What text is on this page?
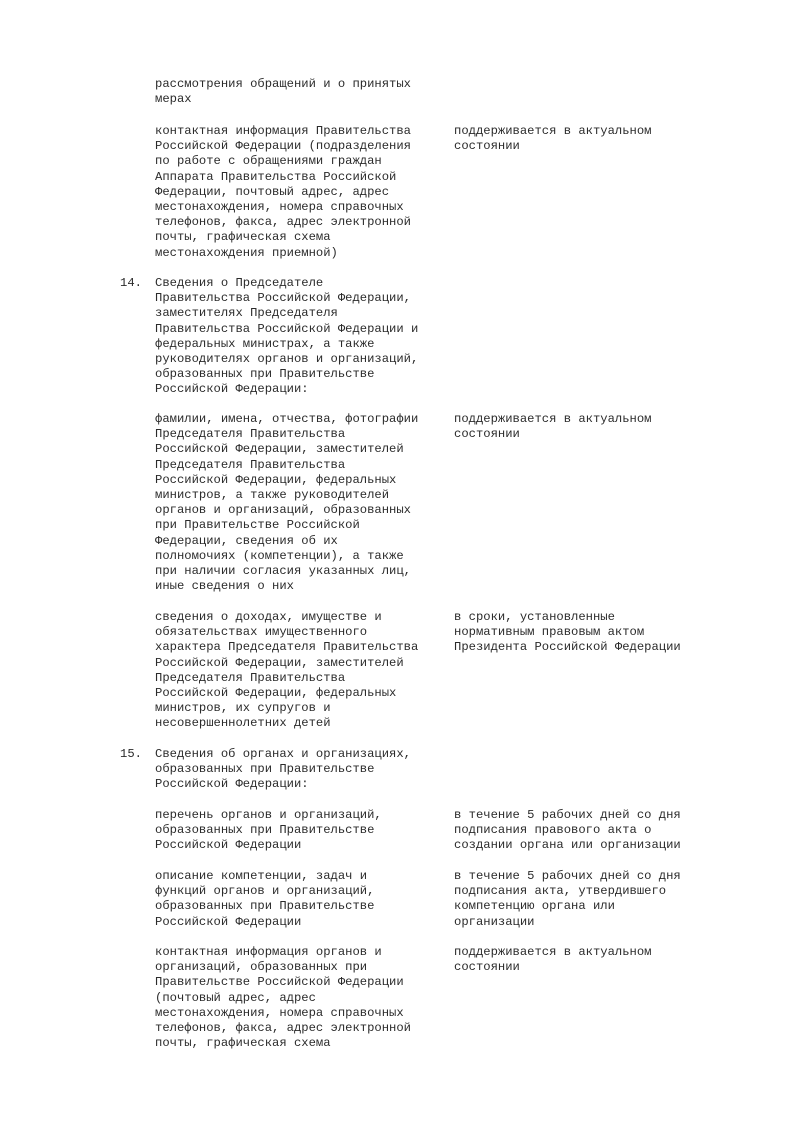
рассмотрения обращений и о принятых
мерах
контактная информация Правительства
Российской Федерации (подразделения
по работе с обращениями граждан
Аппарата Правительства Российской
Федерации, почтовый адрес, адрес
местонахождения, номера справочных
телефонов, факса, адрес электронной
почты, графическая схема
местонахождения приемной)
поддерживается в актуальном
состоянии
14. Сведения о Председателе
Правительства Российской Федерации,
заместителях Председателя
Правительства Российской Федерации и
федеральных министрах, а также
руководителях органов и организаций,
образованных при Правительстве
Российской Федерации:
фамилии, имена, отчества, фотографии
Председателя Правительства
Российской Федерации, заместителей
Председателя Правительства
Российской Федерации, федеральных
министров, а также руководителей
органов и организаций, образованных
при Правительстве Российской
Федерации, сведения об их
полномочиях (компетенции), а также
при наличии согласия указанных лиц,
иные сведения о них
поддерживается в актуальном
состоянии
сведения о доходах, имуществе и
обязательствах имущественного
характера Председателя Правительства
Российской Федерации, заместителей
Председателя Правительства
Российской Федерации, федеральных
министров, их супругов и
несовершеннолетних детей
в сроки, установленные
нормативным правовым актом
Президента Российской Федерации
15. Сведения об органах и организациях,
образованных при Правительстве
Российской Федерации:
перечень органов и организаций,
образованных при Правительстве
Российской Федерации
в течение 5 рабочих дней со дня
подписания правового акта о
создании органа или организации
описание компетенции, задач и
функций органов и организаций,
образованных при Правительстве
Российской Федерации
в течение 5 рабочих дней со дня
подписания акта, утвердившего
компетенцию органа или
организации
контактная информация органов и
организаций, образованных при
Правительстве Российской Федерации
(почтовый адрес, адрес
местонахождения, номера справочных
телефонов, факса, адрес электронной
почты, графическая схема
поддерживается в актуальном
состоянии
